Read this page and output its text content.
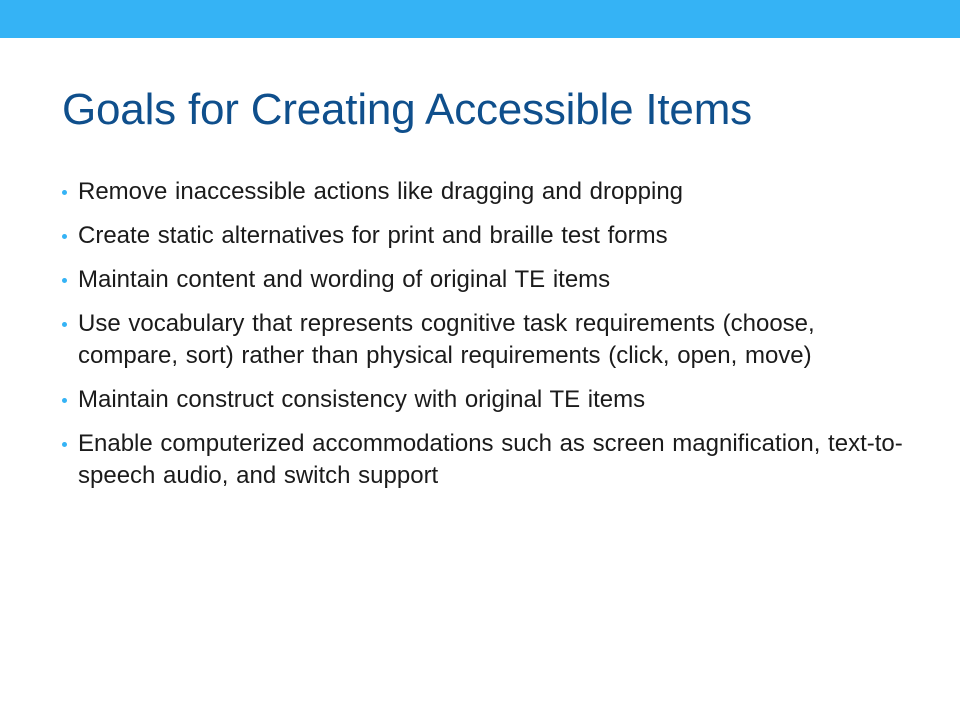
Goals for Creating Accessible Items
Remove inaccessible actions like dragging and dropping
Create static alternatives for print and braille test forms
Maintain content and wording of original TE items
Use vocabulary that represents cognitive task requirements (choose, compare, sort) rather than physical requirements (click, open, move)
Maintain construct consistency with original TE items
Enable computerized accommodations such as screen magnification, text-to-speech audio, and switch support
